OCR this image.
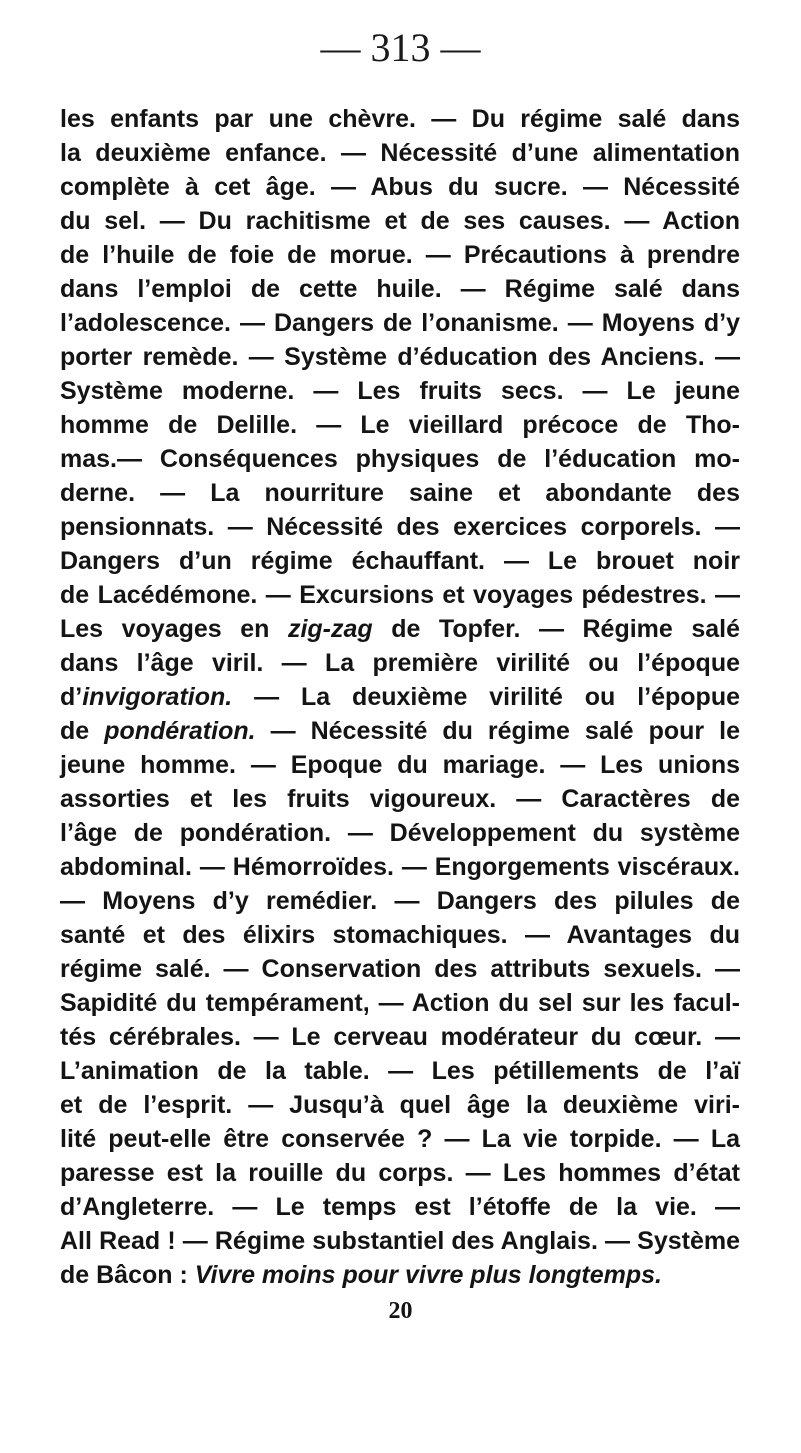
— 313 —
les enfants par une chèvre. — Du régime salé dans
la deuxième enfance. — Nécessité d’une alimentation
complète à cet âge. — Abus du sucre. — Nécessité
du sel. — Du rachitisme et de ses causes. — Action
de l’huile de foie de morue. — Précautions à prendre
dans l’emploi de cette huile. — Régime salé dans
l’adolescence. — Dangers de l’onanisme. — Moyens d’y
porter remède. — Système d’éducation des Anciens. —
Système moderne. — Les fruits secs. — Le jeune
homme de Delille. — Le vieillard précoce de Tho-
mas.— Conséquences physiques de l’éducation mo-
derne. — La nourriture saine et abondante des
pensionnats. — Nécessité des exercices corporels. —
Dangers d’un régime échauffant. — Le brouet noir
de Lacédémone. — Excursions et voyages pédestres. —
Les voyages en zig-zag de Topfer. — Régime salé
dans l’âge viril. — La première virilité ou l’époque
d’invigoration. — La deuxième virilité ou l’épopue
de pondération. — Nécessité du régime salé pour le
jeune homme. — Epoque du mariage. — Les unions
assorties et les fruits vigoureux. — Caractères de
l’âge de pondération. — Développement du système
abdominal. — Hémorroïdes. — Engorgements viscéraux.
— Moyens d’y remédier. — Dangers des pilules de
santé et des élixirs stomachiques. — Avantages du
régime salé. — Conservation des attributs sexuels. —
Sapidité du tempérament, — Action du sel sur les facul-
tés cérébrales. — Le cerveau modérateur du cœur. —
L’animation de la table. — Les pétillements de l’aï
et de l’esprit. — Jusqu’à quel âge la deuxième viri-
lité peut-elle être conservée ? — La vie torpide. — La
paresse est la rouille du corps. — Les hommes d’état
d’Angleterre. — Le temps est l’étoffe de la vie. —
All Read ! — Régime substantiel des Anglais. — Système
de Bâcon : Vivre moins pour vivre plus longtemps.
20
